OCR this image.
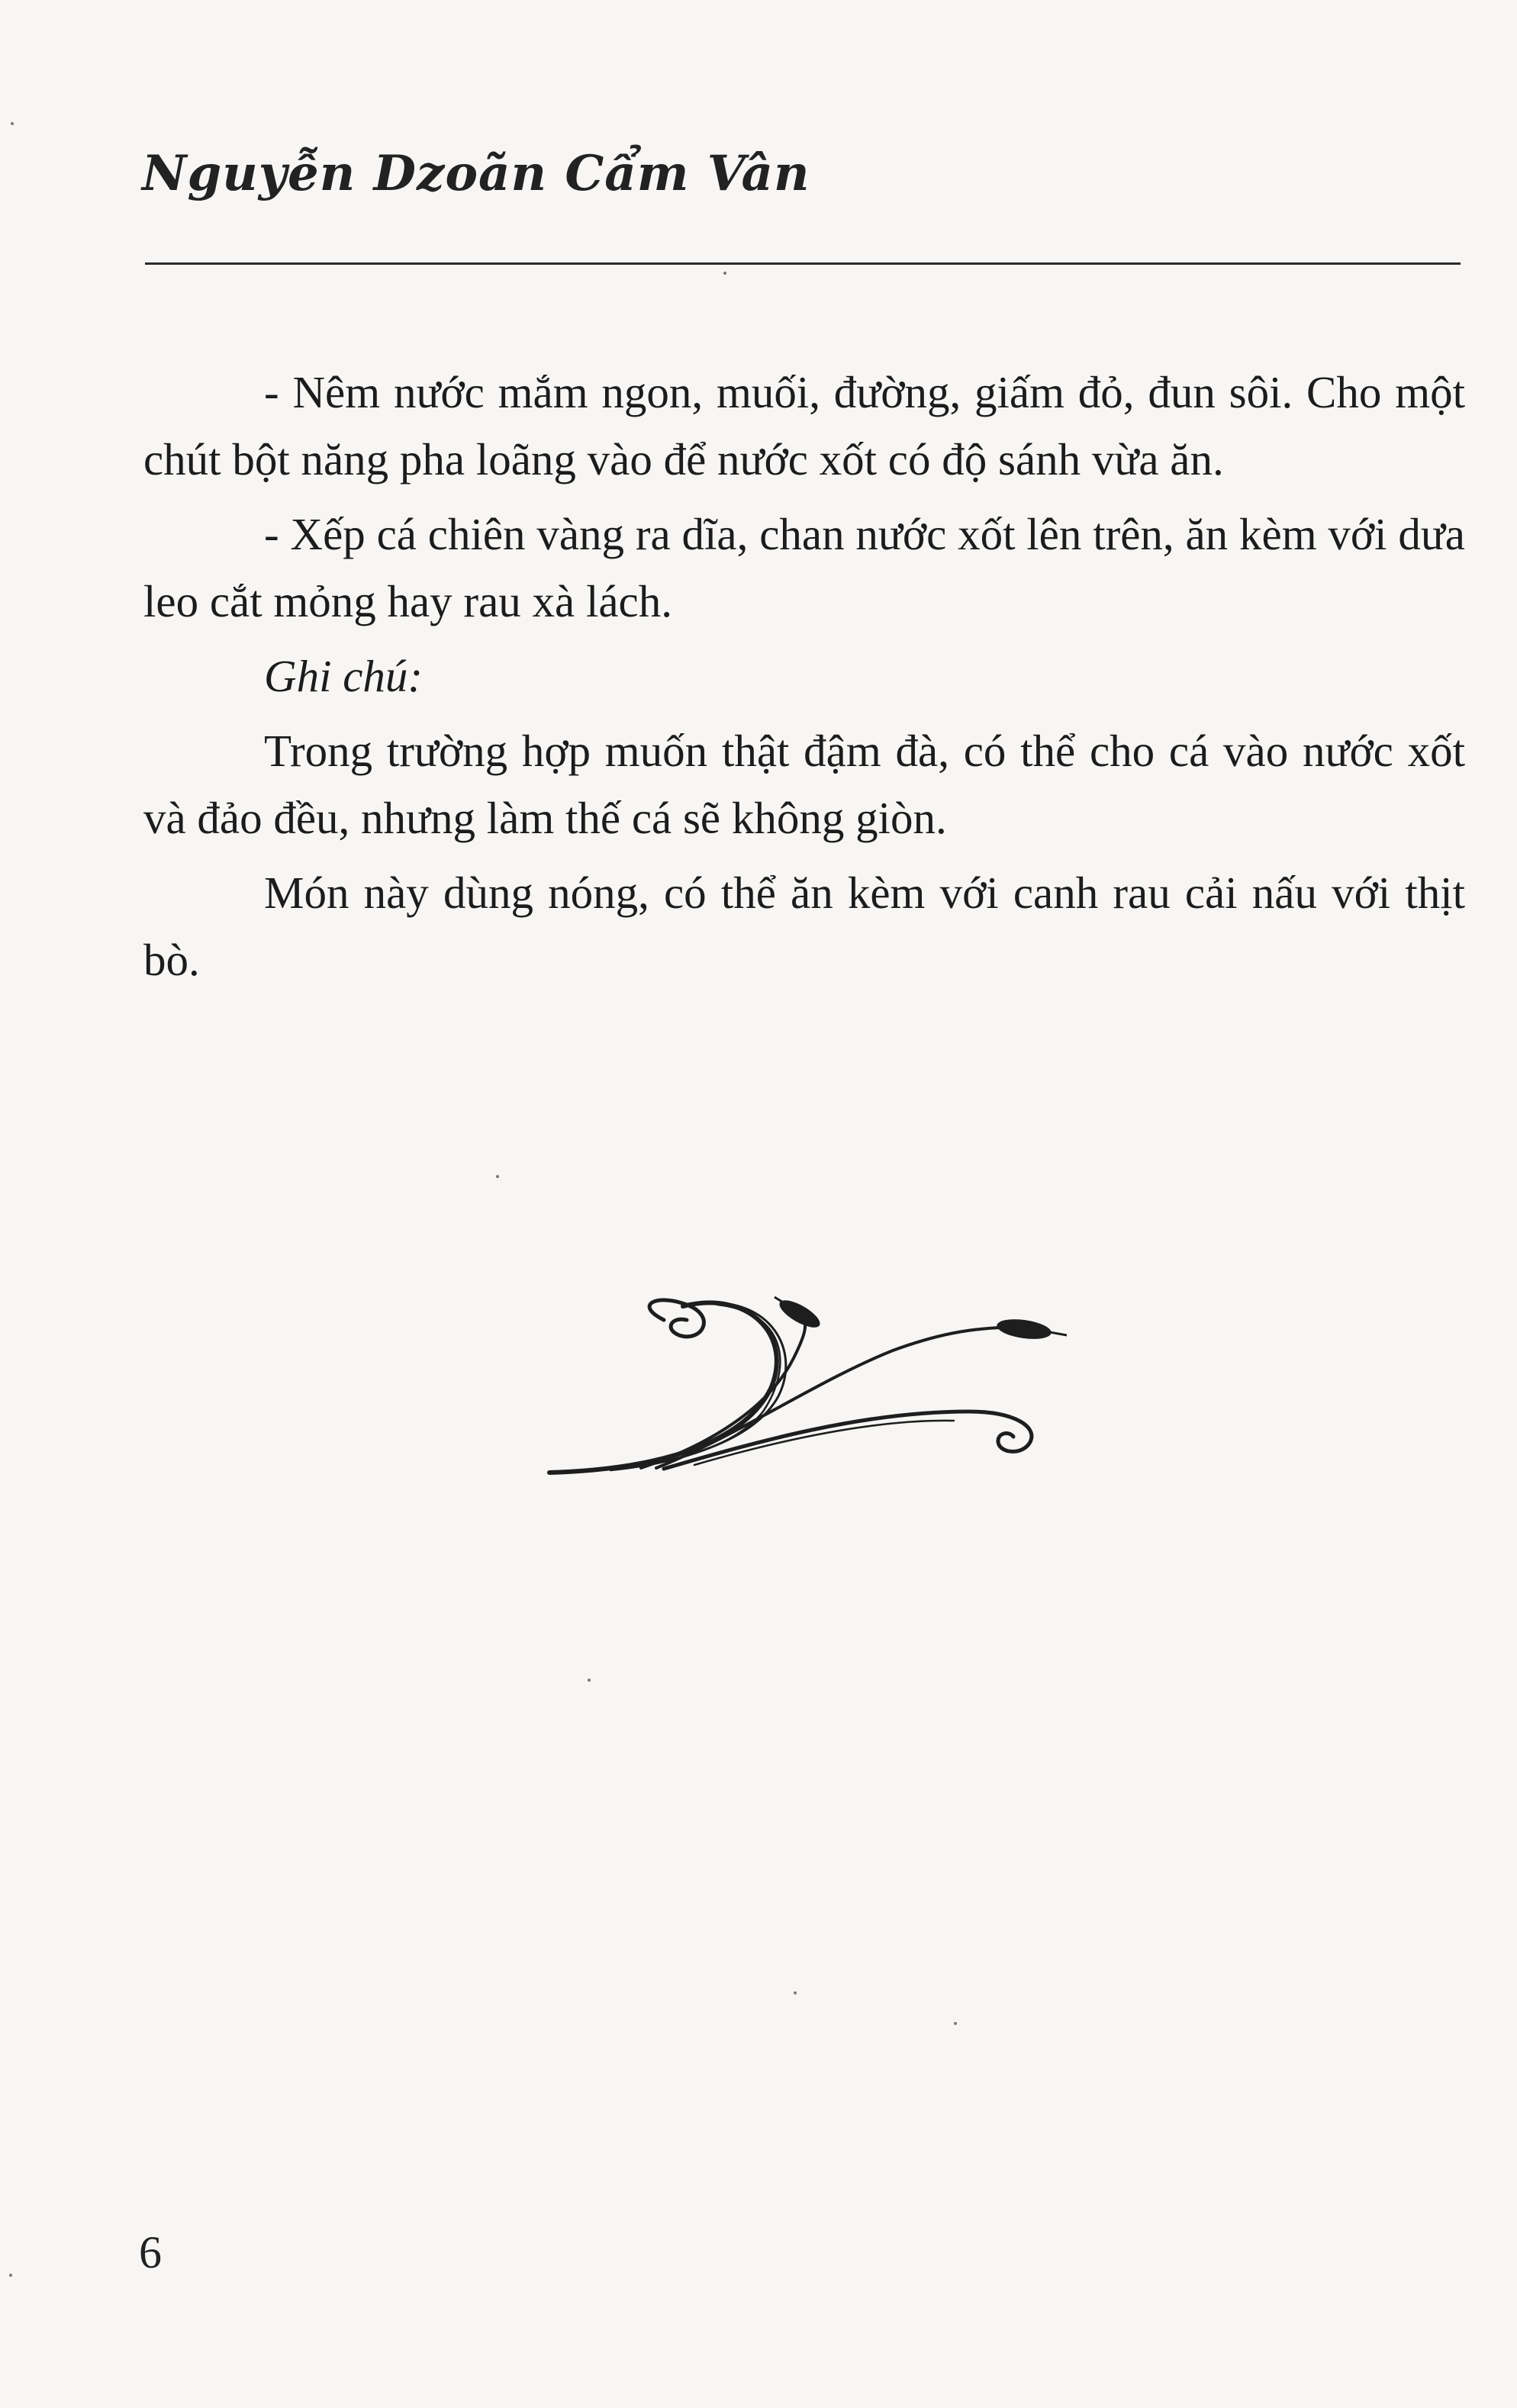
Nguyễn Dzoãn Cẩm Vân

- Nêm nước mắm ngon, muối, đường, giấm đỏ, đun sôi. Cho một chút bột năng pha loãng vào để nước xốt có độ sánh vừa ăn.

- Xếp cá chiên vàng ra dĩa, chan nước xốt lên trên, ăn kèm với dưa leo cắt mỏng hay rau xà lách.

Ghi chú:

Trong trường hợp muốn thật đậm đà, có thể cho cá vào nước xốt và đảo đều, nhưng làm thế cá sẽ không giòn.

Món này dùng nóng, có thể ăn kèm với canh rau cải nấu với thịt bò.

6
